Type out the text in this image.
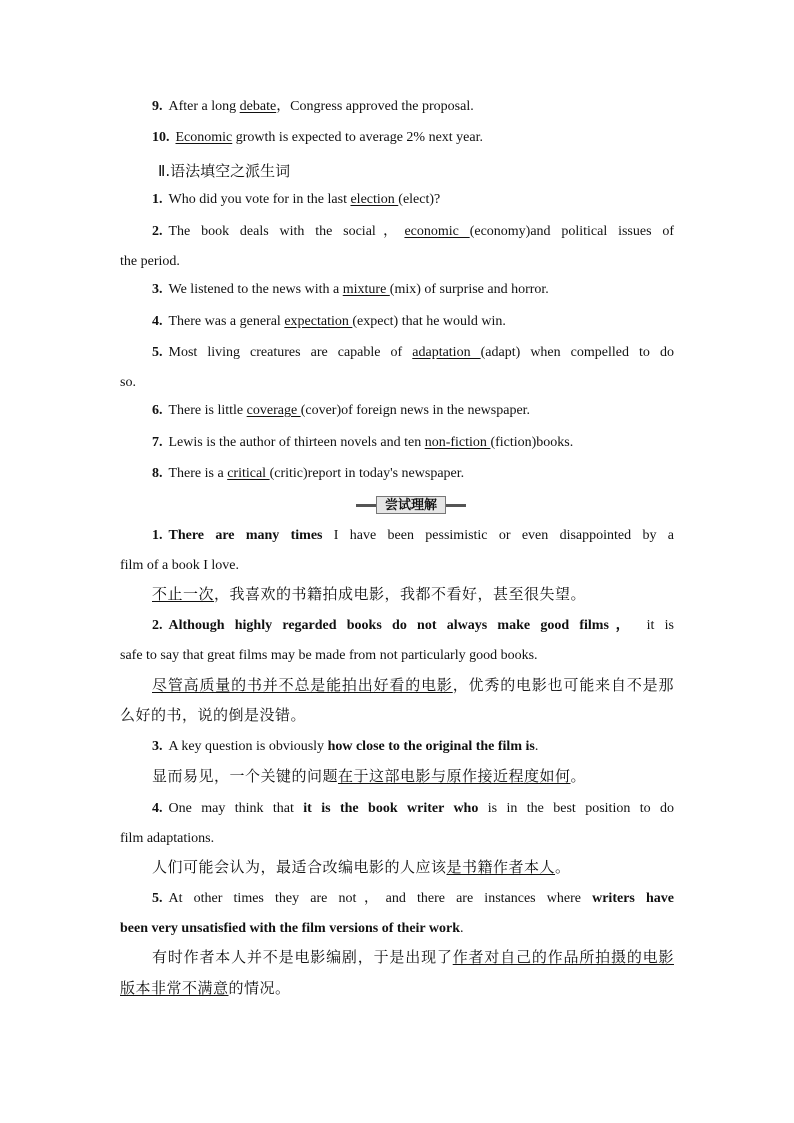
9. After a long debate，Congress approved the proposal.
10. Economic growth is expected to average 2% next year.
Ⅱ.语法填空之派生词
1. Who did you vote for in the last election (elect)?
2. The book deals with the social，economic (economy)and political issues of
the period.
3. We listened to the news with a mixture (mix) of surprise and horror.
4. There was a general expectation (expect) that he would win.
5. Most living creatures are capable of adaptation (adapt) when compelled to do
so.
6. There is little coverage (cover)of foreign news in the newspaper.
7. Lewis is the author of thirteen novels and ten non-fiction (fiction)books.
8. There is a critical (critic)report in today's newspaper.
尝试理解
1. There are many times I have been pessimistic or even disappointed by a
film of a book I love.
不止一次，我喜欢的书籍拍成电影，我都不看好，甚至很失望。
2. Although highly regarded books do not always make good films， it is
safe to say that great films may be made from not particularly good books.
尽管高质量的书并不总是能拍出好看的电影，优秀的电影也可能来自不是那
么好的书，说的倒是没错。
3. A key question is obviously how close to the original the film is.
显而易见，一个关键的问题在于这部电影与原作接近程度如何。
4. One may think that it is the book writer who is in the best position to do
film adaptations.
人们可能会认为，最适合改编电影的人应该是书籍作者本人。
5. At other times they are not，and there are instances where writers have
been very unsatisfied with the film versions of their work.
有时作者本人并不是电影编剧，于是出现了作者对自己的作品所拍摄的电影
版本非常不满意的情况。
